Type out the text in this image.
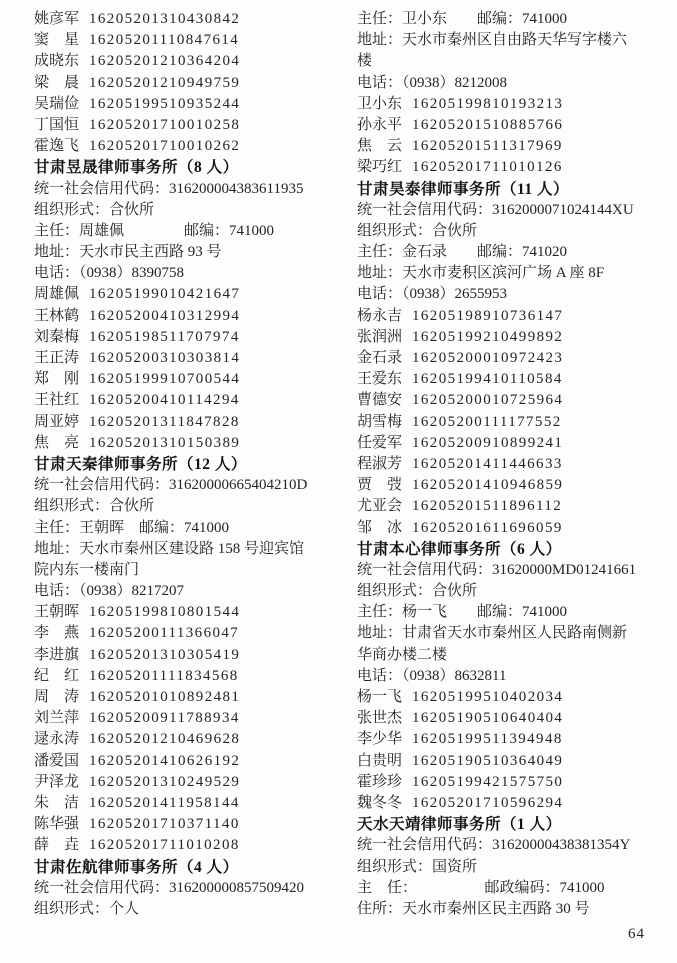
姚彦军 16205201310430842
窦　星 16205201110847614
成晓东 16205201210364204
梁　晨 16205201210949759
吴瑞俭 16205199510935244
丁国恒 16205201710010258
霍逸飞 16205201710010262
甘肃昱晟律师事务所（8 人）
统一社会信用代码：316200004383611935
组织形式：合伙所
主任：周雄佩　　　　邮编：741000
地址：天水市民主西路 93 号
电话：（0938）8390758
周雄佩 16205199010421647
王林鹤 16205200410312994
刘秦梅 16205198511707974
王正涛 16205200310303814
郑　刚 16205199910700544
王社红 16205200410114294
周亚婷 16205201311847828
焦　亮 16205201310150389
甘肃天秦律师事务所（12 人）
统一社会信用代码：31620000665404210D
组织形式：合伙所
主任：王朝晖　邮编：741000
地址：天水市秦州区建设路 158 号迎宾馆
院内东一楼南门
电话：（0938）8217207
王朝晖 16205199810801544
李　燕 16205200111366047
李进旗 16205201310305419
纪　红 16205201111834568
周　涛 16205201010892481
刘兰萍 16205200911788934
逯永涛 16205201210469628
潘爱国 16205201410626192
尹泽龙 16205201310249529
朱　洁 16205201411958144
陈华强 16205201710371140
薛　垚 16205201711010208
甘肃佐航律师事务所（4 人）
统一社会信用代码：316200000857509420
组织形式：个人
主任：卫小东　　邮编：741000
地址：天水市秦州区自由路天华写字楼六
楼
电话：（0938）8212008
卫小东 16205199810193213
孙永平 16205201510885766
焦　云 16205201511317969
梁巧红 16205201711010126
甘肃昊泰律师事务所（11 人）
统一社会信用代码：3162000071024144XU
组织形式：合伙所
主任：金石录　　邮编：741020
地址：天水市麦积区滨河广场 A 座 8F
电话：（0938）2655953
杨永吉 16205198910736147
张润洲 16205199210499892
金石录 16205200010972423
王爱东 16205199410110584
曹德安 16205200010725964
胡雪梅 16205200111177552
任爱军 16205200910899241
程淑芳 16205201411446633
贾　弢 16205201410946859
尤亚会 16205201511896112
邹　冰 16205201611696059
甘肃本心律师事务所（6 人）
统一社会信用代码：31620000MD01241661
组织形式：合伙所
主任：杨一飞　　邮编：741000
地址：甘肃省天水市秦州区人民路南侧新
华商办楼二楼
电话：（0938）8632811
杨一飞 16205199510402034
张世杰 16205190510640404
李少华 16205199511394948
白贵明 16205190510364049
霍珍珍 16205199421575750
魏冬冬 16205201710596294
天水天靖律师事务所（1 人）
统一社会信用代码：31620000438381354Y
组织形式：国资所
主　任：　　　　　邮政编码：741000
住所：天水市秦州区民主西路 30 号
64
